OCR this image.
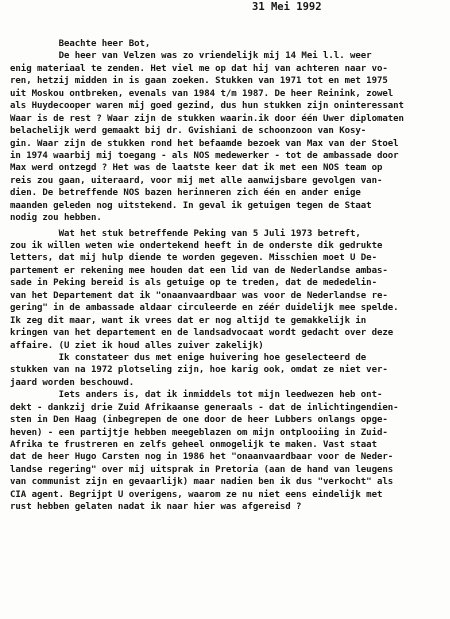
31 Mei 1992
Beachte heer Bot,
De heer van Velzen was zo vriendelijk mij 14 Mei l.l. weer
enig materiaal te zenden. Het viel me op dat hij van achteren naar vo-
ren, hetzij midden in is gaan zoeken. Stukken van 1971 tot en met 1975
uit Moskou ontbreken, evenals van 1984 t/m 1987. De heer Reinink, zowel
als Huydecooper waren mij goed gezind, dus hun stukken zijn oninteressant
Waar is de rest ? Waar zijn de stukken waarin.ik door één Uwer diplomaten
belachelijk werd gemaakt bij dr. Gvishiani de schoonzoon van Kosy-
gin. Waar zijn de stukken rond het befaamde bezoek van Max van der Stoel
in 1974 waarbij mij toegang - als NOS medewerker - tot de ambassade door
Max werd ontzegd ? Het was de laatste keer dat ik met een NOS team op
reis zou gaan, uiteraard, voor mij met alle aanwijsbare gevolgen van-
dien. De betreffende NOS bazen herinneren zich één en ander enige
maanden geleden nog uitstekend. In geval ik getuigen tegen de Staat
nodig zou hebben.
Wat het stuk betreffende Peking van 5 Juli 1973 betreft,
zou ik willen weten wie ondertekend heeft in de onderste dik gedrukte
letters, dat mij hulp diende te worden gegeven. Misschien moet U De-
partement er rekening mee houden dat een lid van de Nederlandse ambas-
sade in Peking bereid is als getuige op te treden, dat de mededelin-
van het Departement dat ik "onaanvaardbaar was voor de Nederlandse re-
gering" in de ambassade aldaar circuleerde en zéér duidelijk mee spelde.
Ik zeg dit maar, want ik vrees dat er nog altijd te gemakkelijk in
kringen van het departement en de landsadvocaat wordt gedacht over deze
affaire. (U ziet ik houd alles zuiver zakelijk)
Ik constateer dus met enige huivering hoe geselecteerd de
stukken van na 1972 plotseling zijn, hoe karig ook, omdat ze niet ver-
jaard worden beschouwd.
Iets anders is, dat ik inmiddels tot mijn leedwezen heb ont-
dekt - dankzij drie Zuid Afrikaanse generaals - dat de inlichtingendien-
sten in Den Haag (inbegrepen de one door de heer Lubbers onlangs opge-
heven) - een partijtje hebben meegeblazen om mijn ontplooiing in Zuid-
Afrika te frustreren en zelfs geheel onmogelijk te maken. Vast staat
dat de heer Hugo Carsten nog in 1986 het "onaanvaardbaar voor de Neder-
landse regering" over mij uitsprak in Pretoria (aan de hand van leugens
van communist zijn en gevaarlijk) maar nadien ben ik dus "verkocht" als
CIA agent. Begrijpt U overigens, waarom ze nu niet eens eindelijk met
rust hebben gelaten nadat ik naar hier was afgereisd ?
